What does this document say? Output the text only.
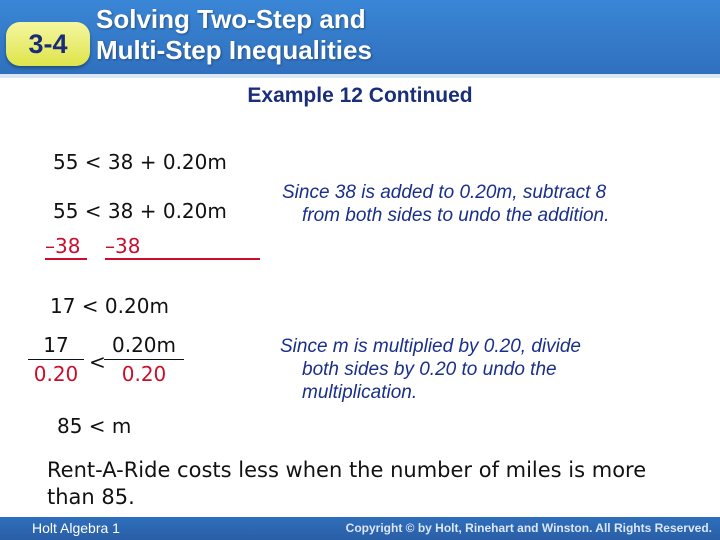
3-4
Solving Two-Step and
Multi-Step Inequalities
Example 12 Continued
55 < 38 + 0.20m
55 < 38 + 0.20m
–38	–38
17 < 0.20m
17
0.20 <
0.20m
0.20
85 < m
Since 38 is added to 0.20m, subtract 8
from both sides to undo the addition.
Since m is multiplied by 0.20, divide
both sides by 0.20 to undo the
multiplication.
Rent-A-Ride costs less when the number of miles is more than 85.
Holt Algebra 1	Copyright © by Holt, Rinehart and Winston. All Rights Reserved.
